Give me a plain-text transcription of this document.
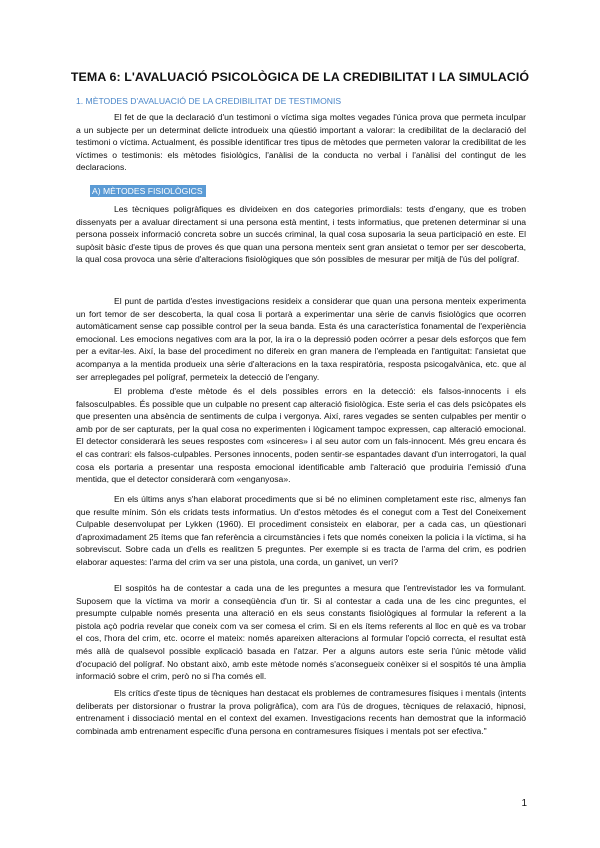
TEMA 6: L'AVALUACIÓ PSICOLÒGICA DE LA CREDIBILITAT I LA SIMULACIÓ
1. MÈTODES D'AVALUACIÓ DE LA CREDIBILITAT DE TESTIMONIS

El fet de que la declaració d'un testimoni o víctima siga moltes vegades l'única prova que permeta inculpar a un subjecte per un determinat delicte introdueix una qüestió important a valorar: la credibilitat de la declaració del testimoni o víctima. Actualment, és possible identificar tres tipus de mètodes que permeten valorar la credibilitat de les víctimes o testimonis: els mètodes fisiològics, l'anàlisi de la conducta no verbal i l'anàlisi del contingut de les declaracions.

A) MÈTODES FISIOLÒGICS

Les tècniques poligràfiques es divideixen en dos categories primordials: tests d'engany, que es troben dissenyats per a avaluar directament si una persona està mentint, i tests informatius, que pretenen determinar si una persona posseix informació concreta sobre un succés criminal, la qual cosa suposaria la seua participació en este. El supòsit bàsic d'este tipus de proves és que quan una persona menteix sent gran ansietat o temor per ser descoberta, la qual cosa provoca una sèrie d'alteracions fisiològiques que són possibles de mesurar per mitjà de l'ús del polígraf.

El punt de partida d'estes investigacions resideix a considerar que quan una persona menteix experimenta un fort temor de ser descoberta, la qual cosa li portarà a experimentar una sèrie de canvis fisiològics que ocorren automàticament sense cap possible control per la seua banda. Esta és una característica fonamental de l'experiència emocional. Les emocions negatives com ara la por, la ira o la depressió poden ocórrer a pesar dels esforços que fem per a evitar-les. Així, la base del procediment no difereix en gran manera de l'empleada en l'antiguitat: l'ansietat que acompanya a la mentida produeix una sèrie d'alteracions en la taxa respiratòria, resposta psicogalvànica, etc. que al ser arreplegades pel polígraf, permeteix la detecció de l'engany.

El problema d'este mètode és el dels possibles errors en la detecció: els falsos-innocents i els falsosculpables. És possible que un culpable no present cap alteració fisiològica. Este seria el cas dels psicòpates els que presenten una absència de sentiments de culpa i vergonya. Així, rares vegades se senten culpables per mentir o amb por de ser capturats, per la qual cosa no experimenten i lògicament tampoc expressen, cap alteració emocional. El detector considerarà les seues respostes com «sinceres» i al seu autor com un fals-innocent. Més greu encara és el cas contrari: els falsos-culpables. Persones innocents, poden sentir-se espantades davant d'un interrogatori, la qual cosa els portaria a presentar una resposta emocional identificable amb l'alteració que produiria l'emissió d'una mentida, que el detector considerarà com «enganyosa».

En els últims anys s'han elaborat procediments que si bé no eliminen completament este risc, almenys fan que resulte mínim. Són els cridats tests informatius. Un d'estos mètodes és el conegut com a Test del Coneixement Culpable desenvolupat per Lykken (1960). El procediment consisteix en elaborar, per a cada cas, un qüestionari d'aproximadament 25 ítems que fan referència a circumstàncies i fets que només coneixen la policia i la víctima, si ha sobreviscut. Sobre cada un d'ells es realitzen 5 preguntes. Per exemple si es tracta de l'arma del crim, es podrien elaborar aquestes: l'arma del crim va ser una pistola, una corda, un ganivet, un verí?

El sospitós ha de contestar a cada una de les preguntes a mesura que l'entrevistador les va formulant. Suposem que la víctima va morir a conseqüència d'un tir. Si al contestar a cada una de les cinc preguntes, el presumpte culpable només presenta una alteració en els seus constants fisiològiques al formular la referent a la pistola açò podria revelar que coneix com va ser comesa el crim. Si en els ítems referents al lloc en què es va trobar el cos, l'hora del crim, etc. ocorre el mateix: només apareixen alteracions al formular l'opció correcta, el resultat està més allà de qualsevol possible explicació basada en l'atzar. Per a alguns autors este seria l'únic mètode vàlid d'ocupació del polígraf. No obstant això, amb este mètode només s'aconsegueix conèixer si el sospitós té una àmplia informació sobre el crim, però no si l'ha comés ell.

Els crítics d'este tipus de tècniques han destacat els problemes de contramesures físiques i mentals (intents deliberats per distorsionar o frustrar la prova poligràfica), com ara l'ús de drogues, tècniques de relaxació, hipnosi, entrenament i dissociació mental en el context del examen. Investigacions recents han demostrat que la informació combinada amb entrenament específic d'una persona en contramesures físiques i mentals pot ser efectiva."

1
